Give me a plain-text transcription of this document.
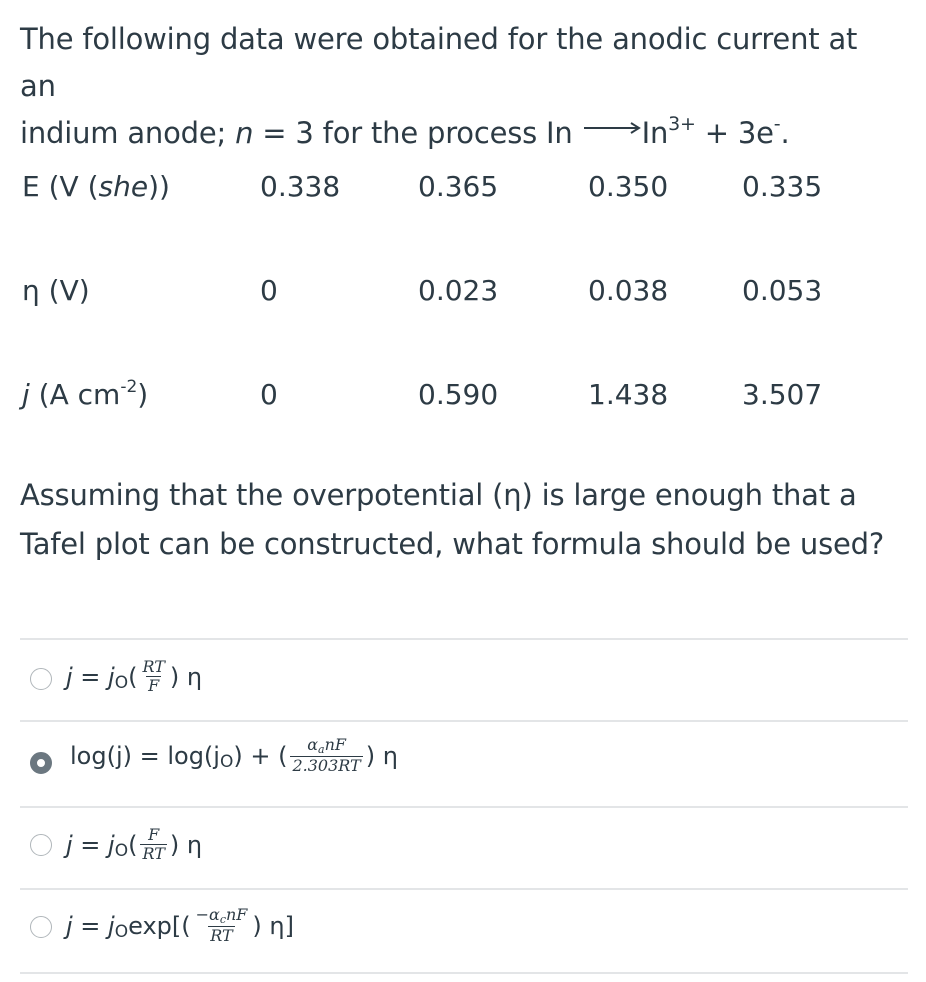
The following data were obtained for the anodic current at an
indium anode; n = 3 for the process $In \to In^{3+} + 3e^-$.
E (V (she))	0.338	0.365	0.350	0.335
η (V)	0	0.023	0.038	0.053
j (A $cm^{-2}$)	0	0.590	1.438	3.507
Assuming that the overpotential (η) is large enough that a Tafel plot can be constructed, what formula should be used?
j = j O ( $\frac{RT}{F}$ ) η
log(j) = log(j O ) + ( $\frac{\text{αanF}}{2.303RT}$ ) η
j = j O ( $\frac{F}{RT}$ ) η
j = j O $\exp[( \frac{\text{−αcnF}}{RT}$ ) η]
